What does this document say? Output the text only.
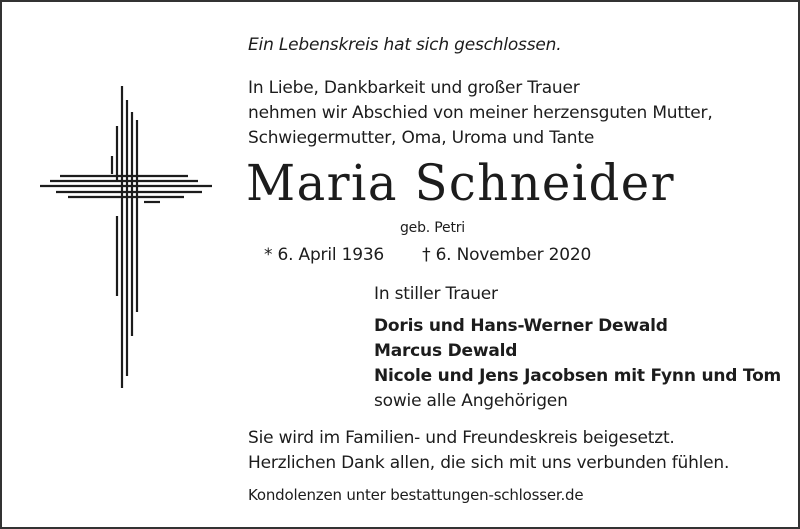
Ein Lebenskreis hat sich geschlossen.
In Liebe, Dankbarkeit und großer Trauer
nehmen wir Abschied von meiner herzensguten Mutter,
Schwiegermutter, Oma, Uroma und Tante
Maria Schneider
geb. Petri
* 6. April 1936 † 6. November 2020
In stiller Trauer
Doris und Hans-Werner Dewald
Marcus Dewald
Nicole und Jens Jacobsen mit Fynn und Tom
sowie alle Angehörigen
Sie wird im Familien- und Freundeskreis beigesetzt.
Herzlichen Dank allen, die sich mit uns verbunden fühlen.
Kondolenzen unter bestattungen-schlosser.de
